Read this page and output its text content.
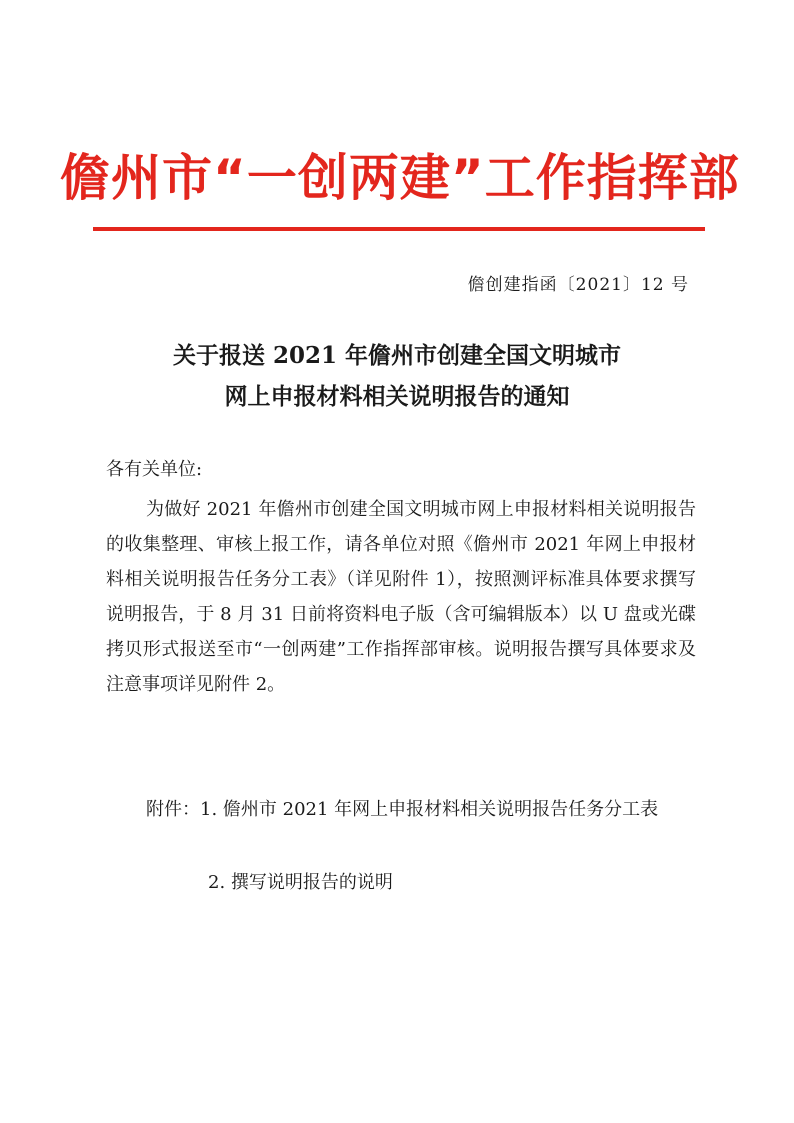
儋州市“一创两建”工作指挥部
儋创建指函〔2021〕12 号
关于报送 2021 年儋州市创建全国文明城市
网上申报材料相关说明报告的通知
各有关单位:

为做好 2021 年儋州市创建全国文明城市网上申报材料相关说明报告的收集整理、审核上报工作，请各单位对照《儋州市 2021 年网上申报材料相关说明报告任务分工表》（详见附件 1），按照测评标准具体要求撰写说明报告，于 8 月 31 日前将资料电子版（含可编辑版本）以 U 盘或光碟拷贝形式报送至市“一创两建”工作指挥部审核。说明报告撰写具体要求及注意事项详见附件 2。

附件：1. 儋州市 2021 年网上申报材料相关说明报告任务分工表

2. 撰写说明报告的说明
